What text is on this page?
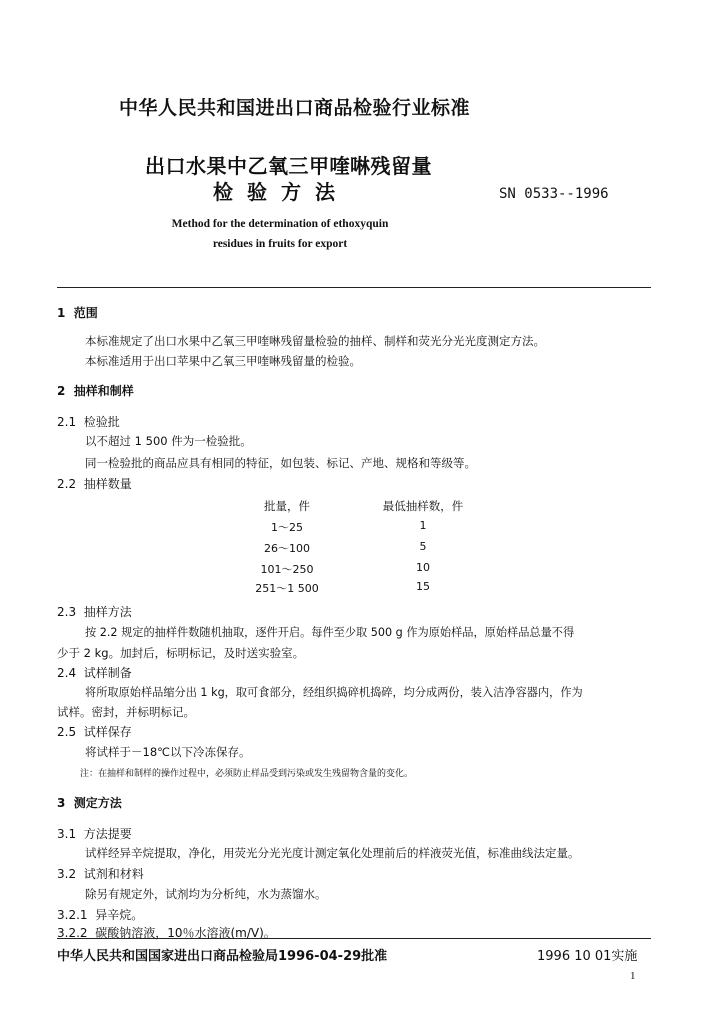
中华人民共和国进出口商品检验行业标准
出口水果中乙氧三甲喹啉残留量
检验方法	SN 0533--1996
Method for the determination of ethoxyquin
residues in fruits for export
1 范围
本标准规定了出口水果中乙氧三甲喹啉残留量检验的抽样、制样和荧光分光光度测定方法。
本标准适用于出口苹果中乙氧三甲喹啉残留量的检验。
2 抽样和制样
2.1 检验批
以不超过 1 500 件为一检验批。
同一检验批的商品应具有相同的特征，如包装、标记、产地、规格和等级等。
2.2 抽样数量
批量，件	最低抽样数，件
1～25	1
26～100	5
101～250	10
251～1 500	15
2.3 抽样方法
按 2.2 规定的抽样件数随机抽取，逐件开启。每件至少取 500 g 作为原始样品，原始样品总量不得
少于 2 kg。加封后，标明标记，及时送实验室。
2.4 试样制备
将所取原始样品缩分出 1 kg，取可食部分，经组织捣碎机捣碎，均分成两份，装入洁净容器内，作为
试样。密封，并标明标记。
2.5 试样保存
将试样于－18℃以下冷冻保存。
注：在抽样和制样的操作过程中，必须防止样品受到污染或发生残留物含量的变化。
3 测定方法
3.1 方法提要
试样经异辛烷提取，净化，用荧光分光光度计测定氧化处理前后的样液荧光值，标准曲线法定量。
3.2 试剂和材料
除另有规定外，试剂均为分析纯，水为蒸馏水。
3.2.1 异辛烷。
3.2.2 碳酸钠溶液，10％水溶液(m/V)。
中华人民共和国国家进出口商品检验局1996-04-29批准	1996 10 01实施
1
